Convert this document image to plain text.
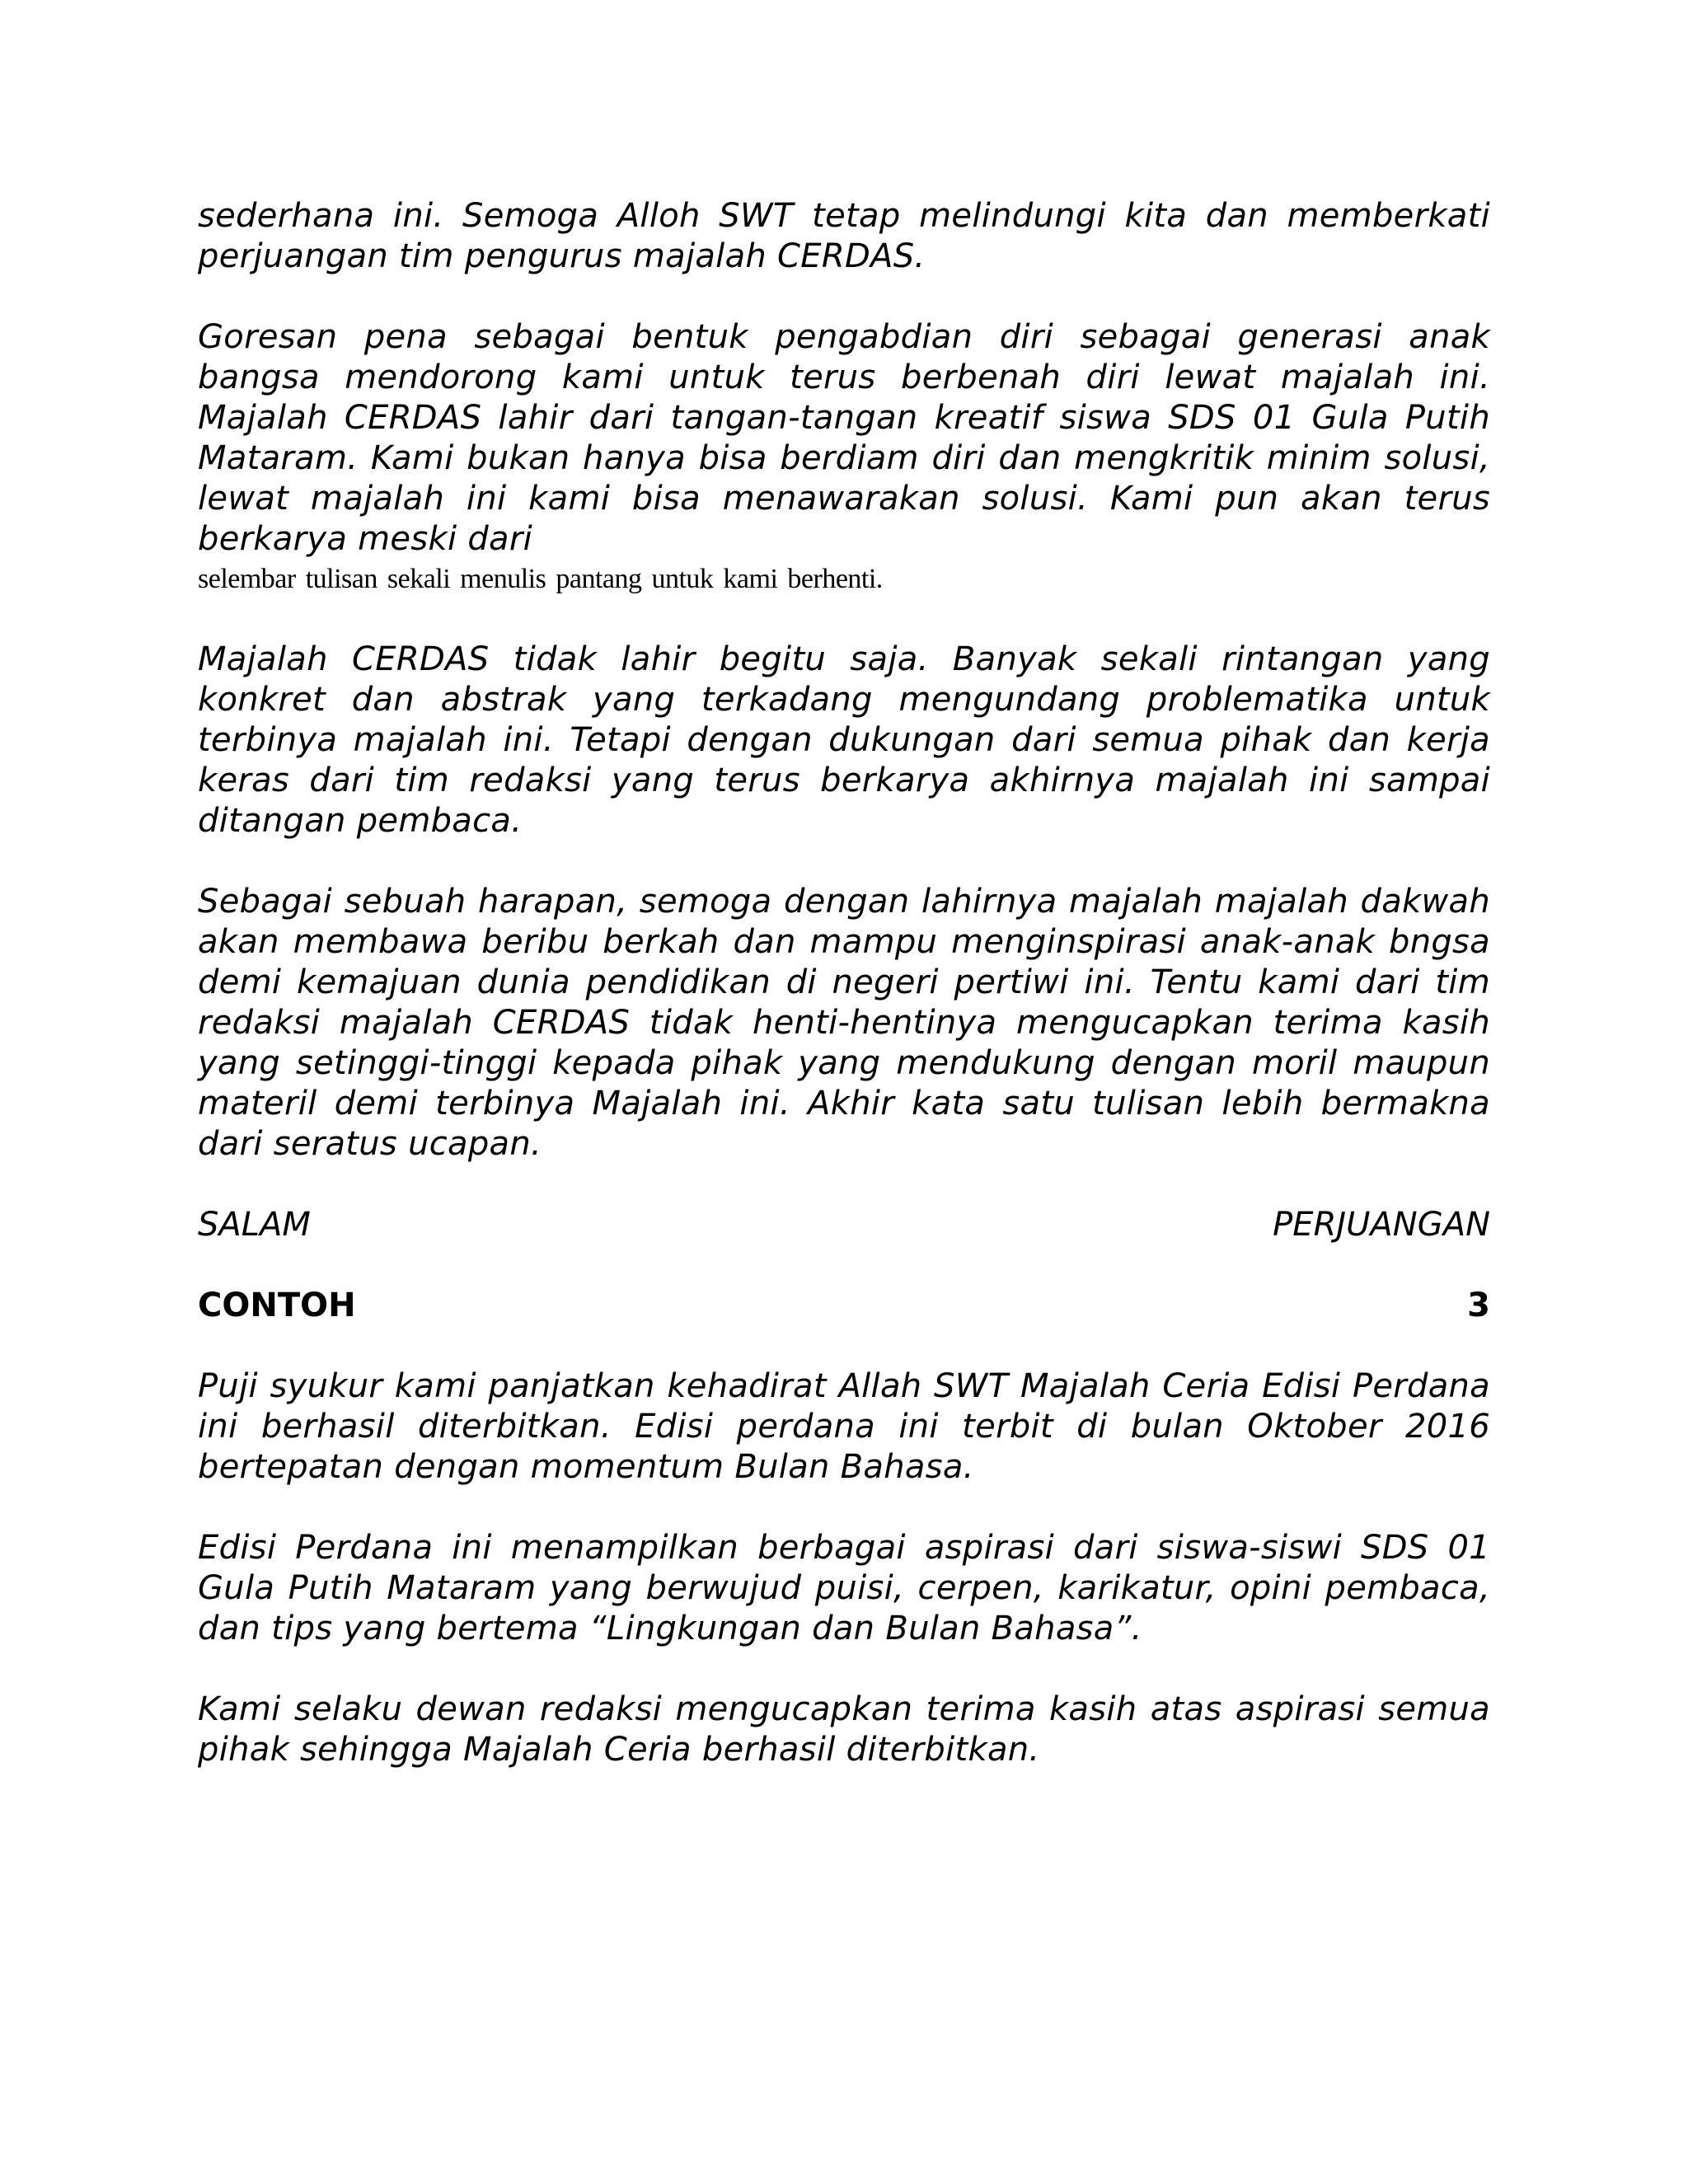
sederhana ini. Semoga Alloh SWT tetap melindungi kita dan memberkati perjuangan tim pengurus majalah CERDAS.

Goresan pena sebagai bentuk pengabdian diri sebagai generasi anak bangsa mendorong kami untuk terus berbenah diri lewat majalah ini. Majalah CERDAS lahir dari tangan-tangan kreatif siswa SDS 01 Gula Putih Mataram. Kami bukan hanya bisa berdiam diri dan mengkritik minim solusi, lewat majalah ini kami bisa menawarakan solusi. Kami pun akan terus berkarya meski dari

selembar tulisan sekali menulis pantang untuk kami berhenti.

Majalah CERDAS tidak lahir begitu saja. Banyak sekali rintangan yang konkret dan abstrak yang terkadang mengundang problematika untuk terbinya majalah ini. Tetapi dengan dukungan dari semua pihak dan kerja keras dari tim redaksi yang terus berkarya akhirnya majalah ini sampai ditangan pembaca.

Sebagai sebuah harapan, semoga dengan lahirnya majalah majalah dakwah akan membawa beribu berkah dan mampu menginspirasi anak-anak bngsa demi kemajuan dunia pendidikan di negeri pertiwi ini. Tentu kami dari tim redaksi majalah CERDAS tidak henti-hentinya mengucapkan terima kasih yang setinggi-tinggi kepada pihak yang mendukung dengan moril maupun materil demi terbinya Majalah ini. Akhir kata satu tulisan lebih bermakna dari seratus ucapan.

SALAM	PERJUANGAN
CONTOH	3

Puji syukur kami panjatkan kehadirat Allah SWT Majalah Ceria Edisi Perdana ini berhasil diterbitkan. Edisi perdana ini terbit di bulan Oktober 2016 bertepatan dengan momentum Bulan Bahasa.

Edisi Perdana ini menampilkan berbagai aspirasi dari siswa-siswi SDS 01 Gula Putih Mataram yang berwujud puisi, cerpen, karikatur, opini pembaca, dan tips yang bertema “Lingkungan dan Bulan Bahasa”.

Kami selaku dewan redaksi mengucapkan terima kasih atas aspirasi semua pihak sehingga Majalah Ceria berhasil diterbitkan.
